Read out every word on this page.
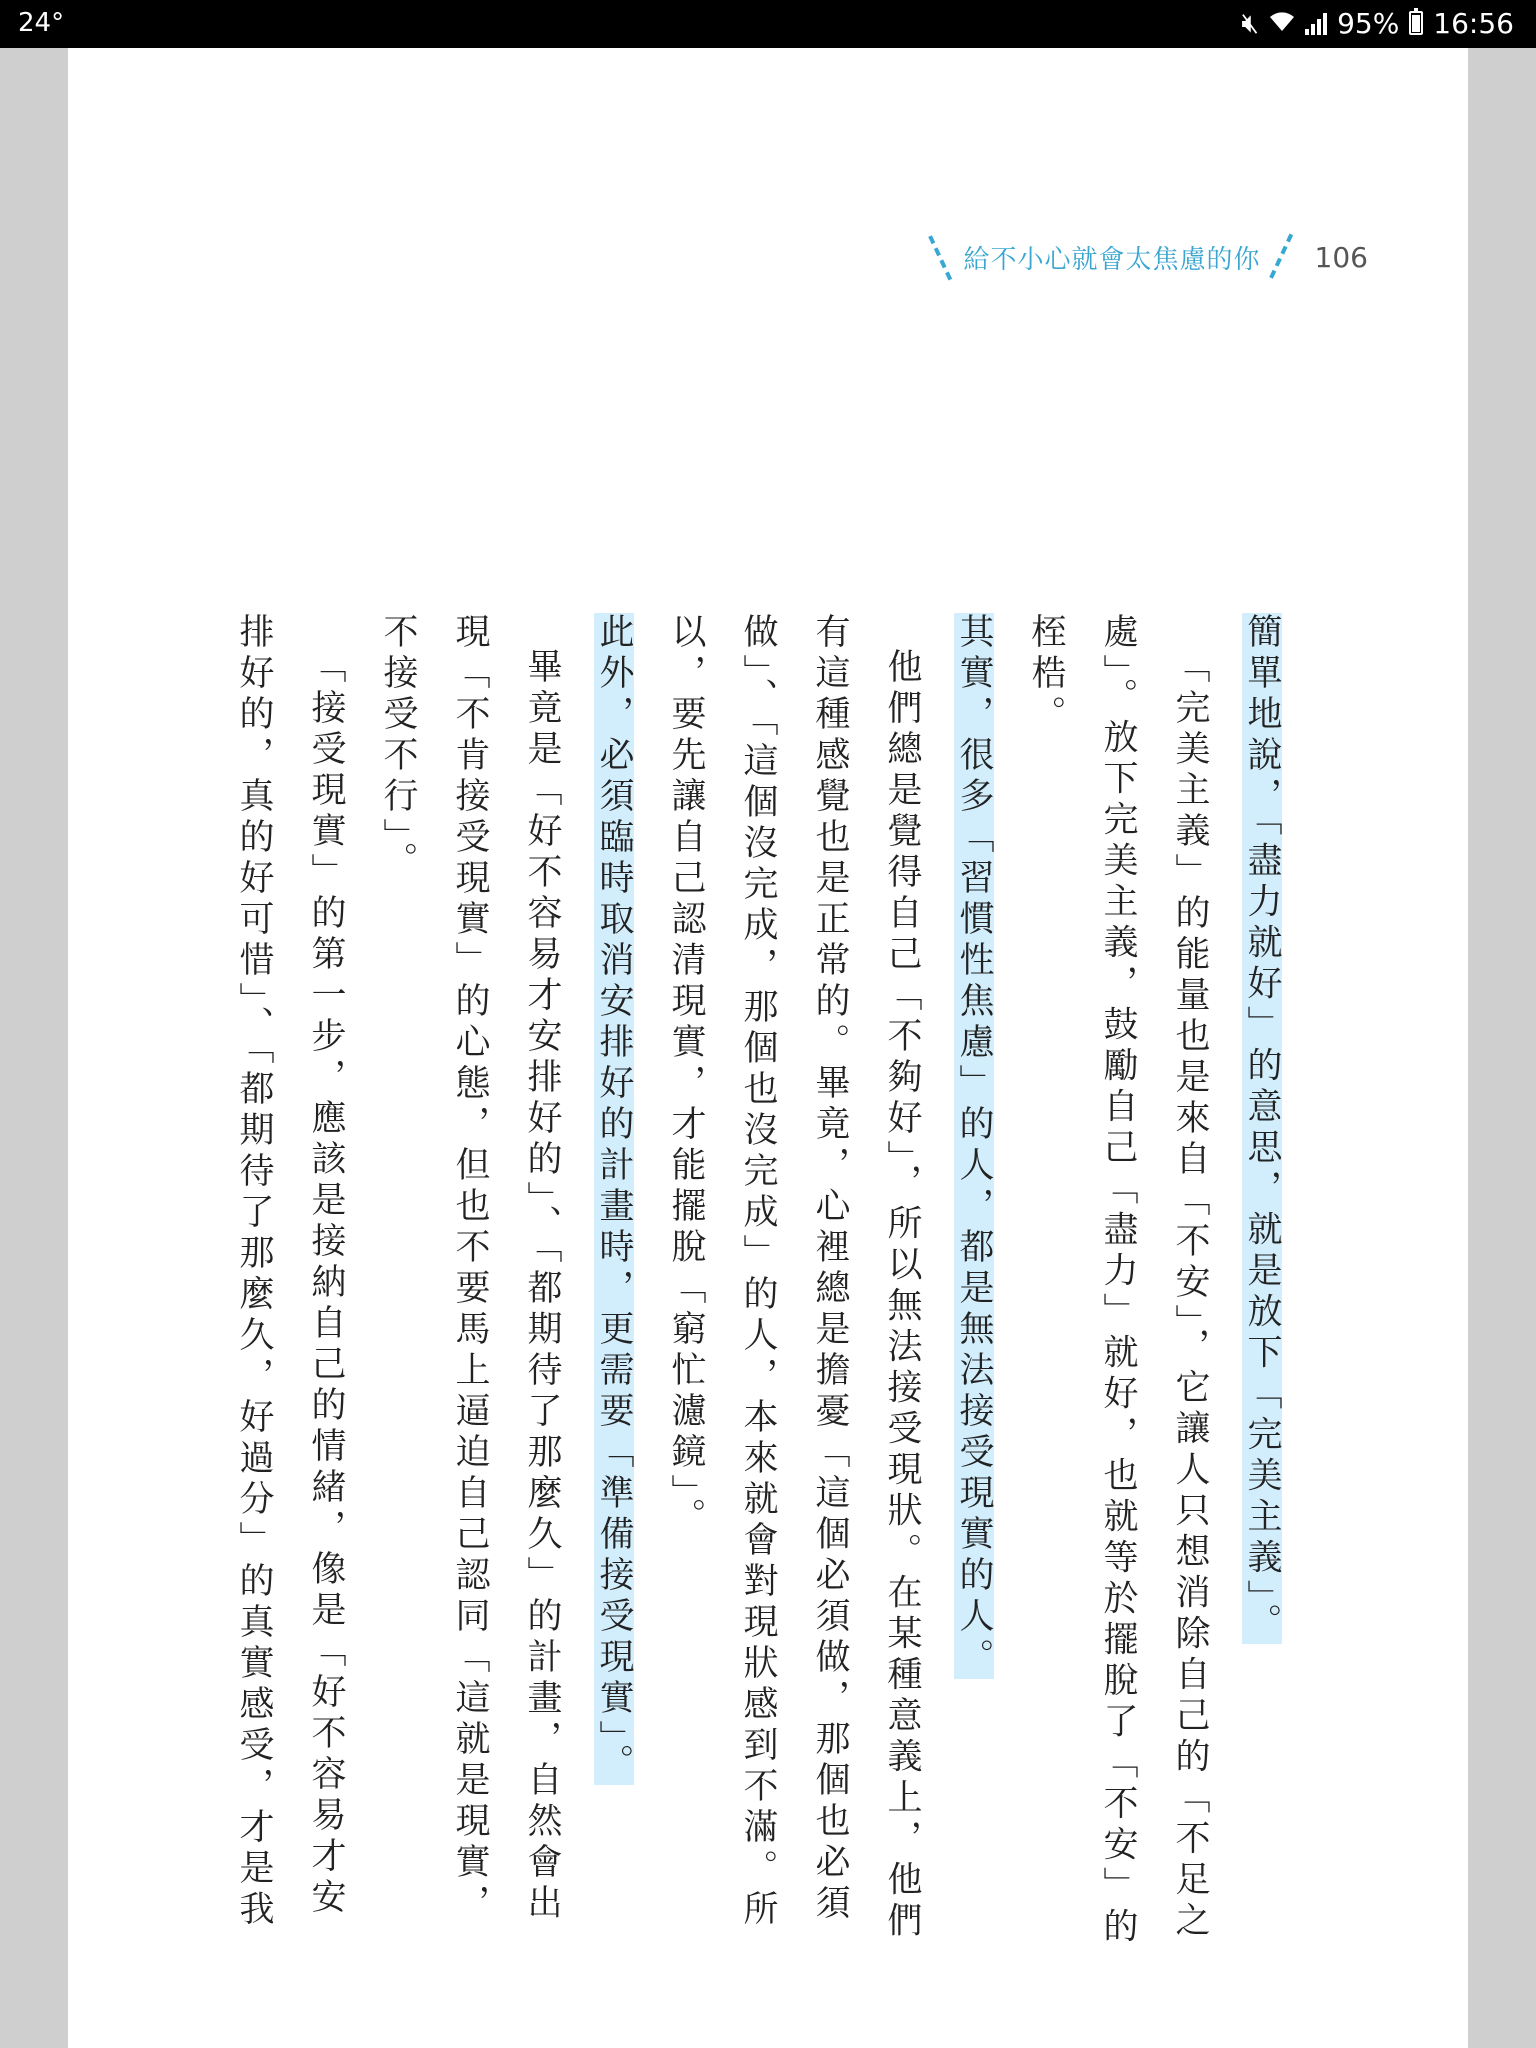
24°	🔇︎	95% 16:56
給不小心就會太焦慮的你 106

簡單地說，「盡力就好」的意思，就是放下「完美主義」。

「完美主義」的能量也是來自「不安」，它讓人只想消除自己的「不足之處」。放下完美主義，鼓勵自己「盡力」就好，也就等於擺脫了「不安」的桎梏。

其實，很多「習慣性焦慮」的人，都是無法接受現實的人。

他們總是覺得自己「不夠好」，所以無法接受現狀。在某種意義上，他們有這種感覺也是正常的。畢竟，心裡總是擔憂「這個必須做，那個也必須做」、「這個沒完成，那個也沒完成」的人，本來就會對現狀感到不滿。所以，要先讓自己認清現實，才能擺脫「窮忙濾鏡」。

此外，必須臨時取消安排好的計畫時，更需要「準備接受現實」。

畢竟是「好不容易才安排好的」、「都期待了那麼久」的計畫，自然會出現「不肯接受現實」的心態，但也不要馬上逼迫自己認同「這就是現實，不接受不行」。

「接受現實」的第一步，應該是接納自己的情緒，像是「好不容易才安排好的，真的好可惜」、「都期待了那麼久，好過分」的真實感受，才是我
